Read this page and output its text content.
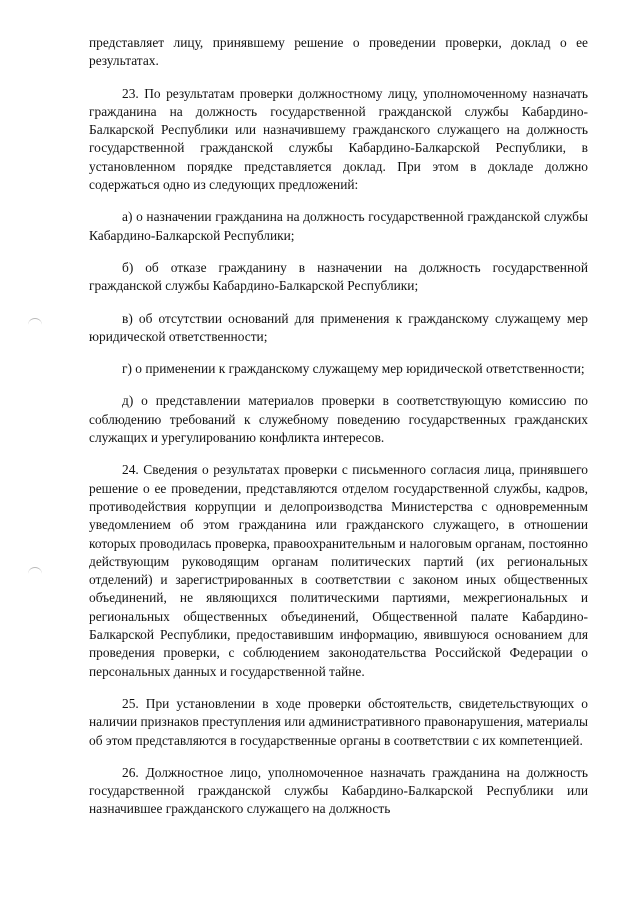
представляет лицу, принявшему решение о проведении проверки, доклад о ее результатах.

23. По результатам проверки должностному лицу, уполномоченному назначать гражданина на должность государственной гражданской службы Кабардино-Балкарской Республики или назначившему гражданского служащего на должность государственной гражданской службы Кабардино-Балкарской Республики, в установленном порядке представляется доклад. При этом в докладе должно содержаться одно из следующих предложений:

а) о назначении гражданина на должность государственной гражданской службы Кабардино-Балкарской Республики;

б) об отказе гражданину в назначении на должность государственной гражданской службы Кабардино-Балкарской Республики;

в) об отсутствии оснований для применения к гражданскому служащему мер юридической ответственности;

г) о применении к гражданскому служащему мер юридической ответственности;

д) о представлении материалов проверки в соответствующую комиссию по соблюдению требований к служебному поведению государственных гражданских служащих и урегулированию конфликта интересов.

24. Сведения о результатах проверки с письменного согласия лица, принявшего решение о ее проведении, представляются отделом государственной службы, кадров, противодействия коррупции и делопроизводства Министерства с одновременным уведомлением об этом гражданина или гражданского служащего, в отношении которых проводилась проверка, правоохранительным и налоговым органам, постоянно действующим руководящим органам политических партий (их региональных отделений) и зарегистрированных в соответствии с законом иных общественных объединений, не являющихся политическими партиями, межрегиональных и региональных общественных объединений, Общественной палате Кабардино-Балкарской Республики, предоставившим информацию, явившуюся основанием для проведения проверки, с соблюдением законодательства Российской Федерации о персональных данных и государственной тайне.

25. При установлении в ходе проверки обстоятельств, свидетельствующих о наличии признаков преступления или административного правонарушения, материалы об этом представляются в государственные органы в соответствии с их компетенцией.

26. Должностное лицо, уполномоченное назначать гражданина на должность государственной гражданской службы Кабардино-Балкарской Республики или назначившее гражданского служащего на должность
